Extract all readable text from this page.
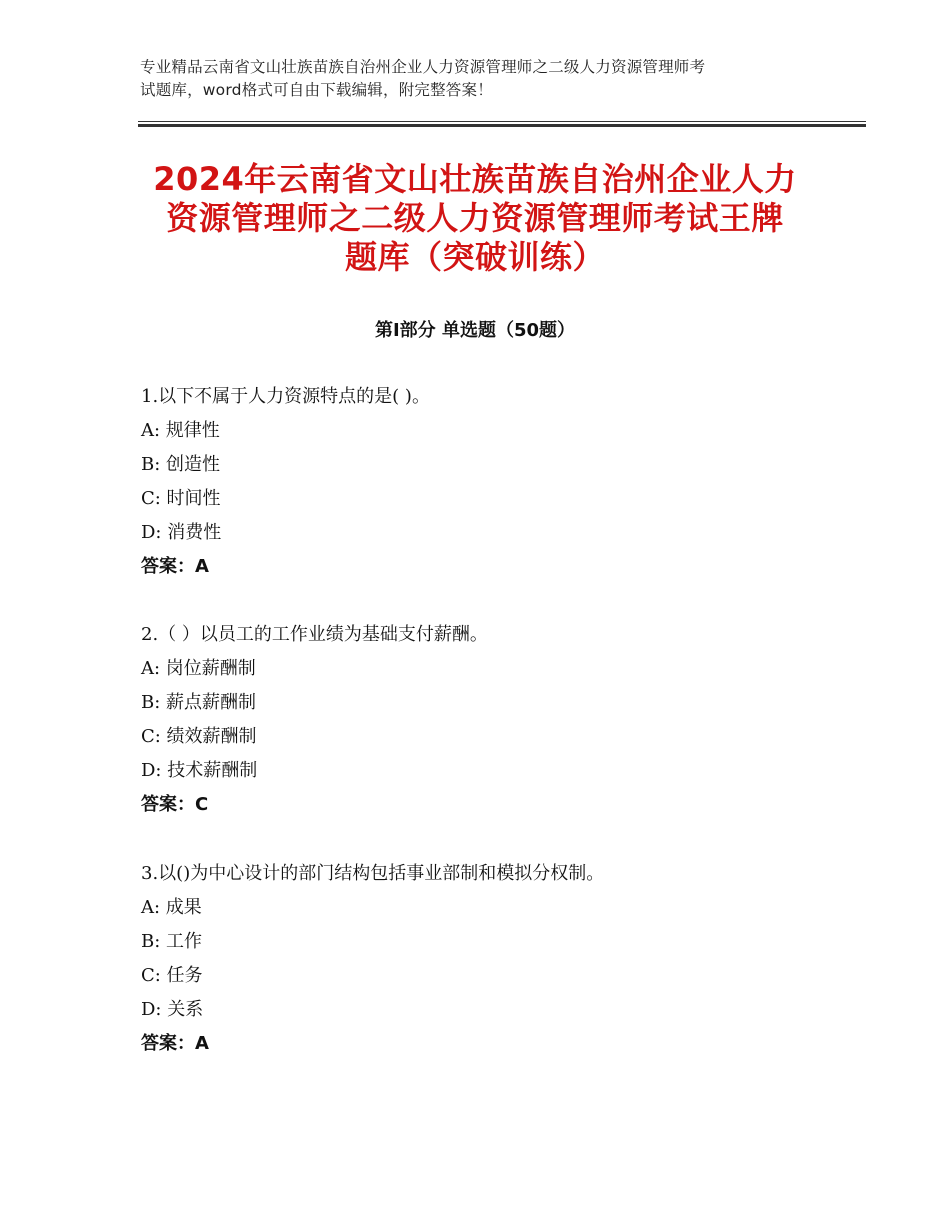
专业精品云南省文山壮族苗族自治州企业人力资源管理师之二级人力资源管理师考
试题库，word格式可自由下载编辑，附完整答案！
2024年云南省文山壮族苗族自治州企业人力
资源管理师之二级人力资源管理师考试王牌
题库（突破训练）
第Ⅰ部分 单选题（50题）
1.以下不属于人力资源特点的是( )。
A: 规律性
B: 创造性
C: 时间性
D: 消费性
答案：A
2.（ ）以员工的工作业绩为基础支付薪酬。
A: 岗位薪酬制
B: 薪点薪酬制
C: 绩效薪酬制
D: 技术薪酬制
答案：C
3.以()为中心设计的部门结构包括事业部制和模拟分权制。
A: 成果
B: 工作
C: 任务
D: 关系
答案：A
